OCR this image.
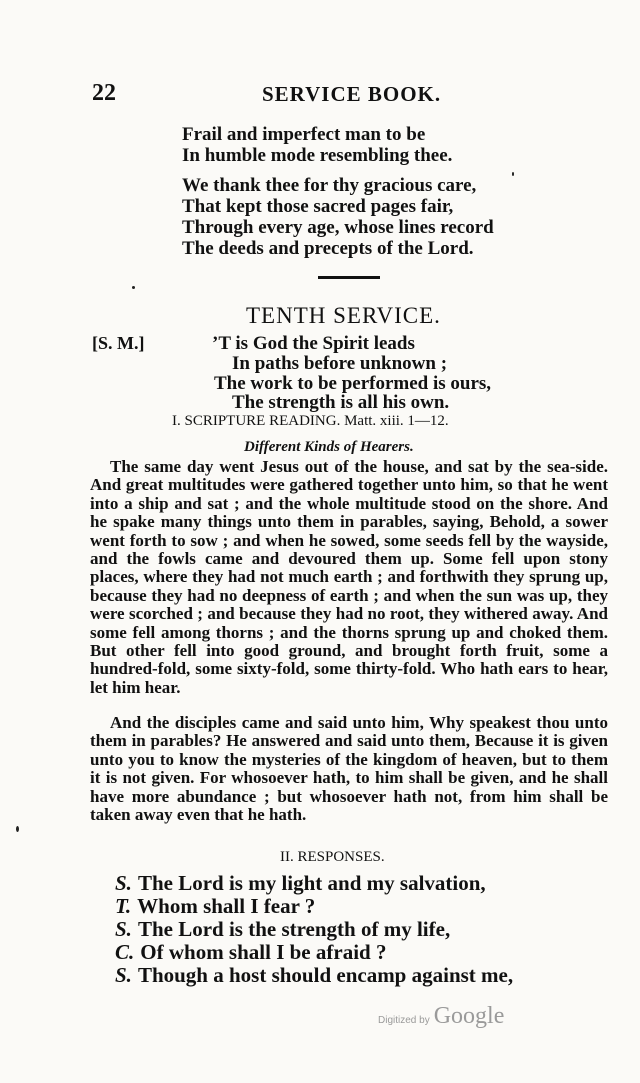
22	SERVICE BOOK.
Frail and imperfect man to be
In humble mode resembling thee.
We thank thee for thy gracious care,
That kept those sacred pages fair,
Through every age, whose lines record
The deeds and precepts of the Lord.
TENTH SERVICE.
[S. M.]	’T is God the Spirit leads
In paths before unknown ;
The work to be performed is ours,
The strength is all his own.
I. SCRIPTURE READING. Matt. xiii. 1—12.
Different Kinds of Hearers.
The same day went Jesus out of the house, and sat by the sea-side. And great multitudes were gathered together unto him, so that he went into a ship and sat ; and the whole multitude stood on the shore. And he spake many things unto them in parables, saying, Behold, a sower went forth to sow ; and when he sowed, some seeds fell by the wayside, and the fowls came and devoured them up. Some fell upon stony places, where they had not much earth ; and forthwith they sprung up, because they had no deepness of earth ; and when the sun was up, they were scorched ; and because they had no root, they withered away. And some fell among thorns ; and the thorns sprung up and choked them. But other fell into good ground, and brought forth fruit, some a hundred-fold, some sixty-fold, some thirty-fold. Who hath ears to hear, let him hear.
And the disciples came and said unto him, Why speakest thou unto them in parables? He answered and said unto them, Because it is given unto you to know the mysteries of the kingdom of heaven, but to them it is not given. For whosoever hath, to him shall be given, and he shall have more abundance ; but whosoever hath not, from him shall be taken away even that he hath.
II. RESPONSES.
S. The Lord is my light and my salvation,
T. Whom shall I fear ?
S. The Lord is the strength of my life,
C. Of whom shall I be afraid ?
S. Though a host should encamp against me,
Digitized by Google
